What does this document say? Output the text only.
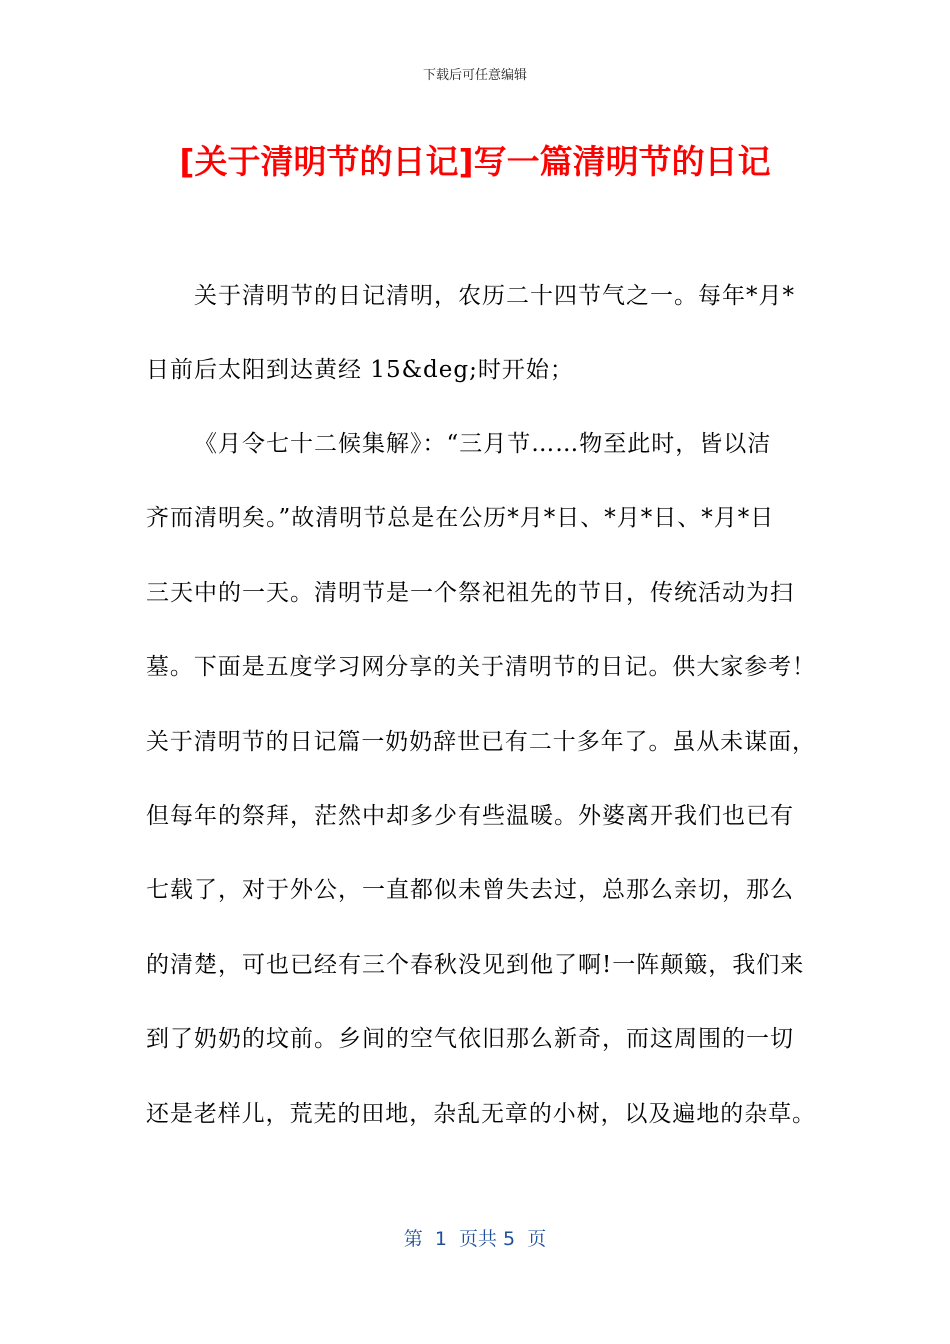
下载后可任意编辑
[关于清明节的日记]写一篇清明节的日记
关于清明节的日记清明，农历二十四节气之一。每年*月*
日前后太阳到达黄经 15&deg;时开始；
《月令七十二候集解》：“三月节……物至此时，皆以洁
齐而清明矣。”故清明节总是在公历*月*日、*月*日、*月*日
三天中的一天。清明节是一个祭祀祖先的节日，传统活动为扫
墓。下面是五度学习网分享的关于清明节的日记。供大家参考！
关于清明节的日记篇一奶奶辞世已有二十多年了。虽从未谋面，
但每年的祭拜，茫然中却多少有些温暖。外婆离开我们也已有
七载了，对于外公，一直都似未曾失去过，总那么亲切，那么
的清楚，可也已经有三个春秋没见到他了啊!一阵颠簸，我们来
到了奶奶的坟前。乡间的空气依旧那么新奇，而这周围的一切
还是老样儿，荒芜的田地，杂乱无章的小树，以及遍地的杂草。
第  1  页共 5  页
